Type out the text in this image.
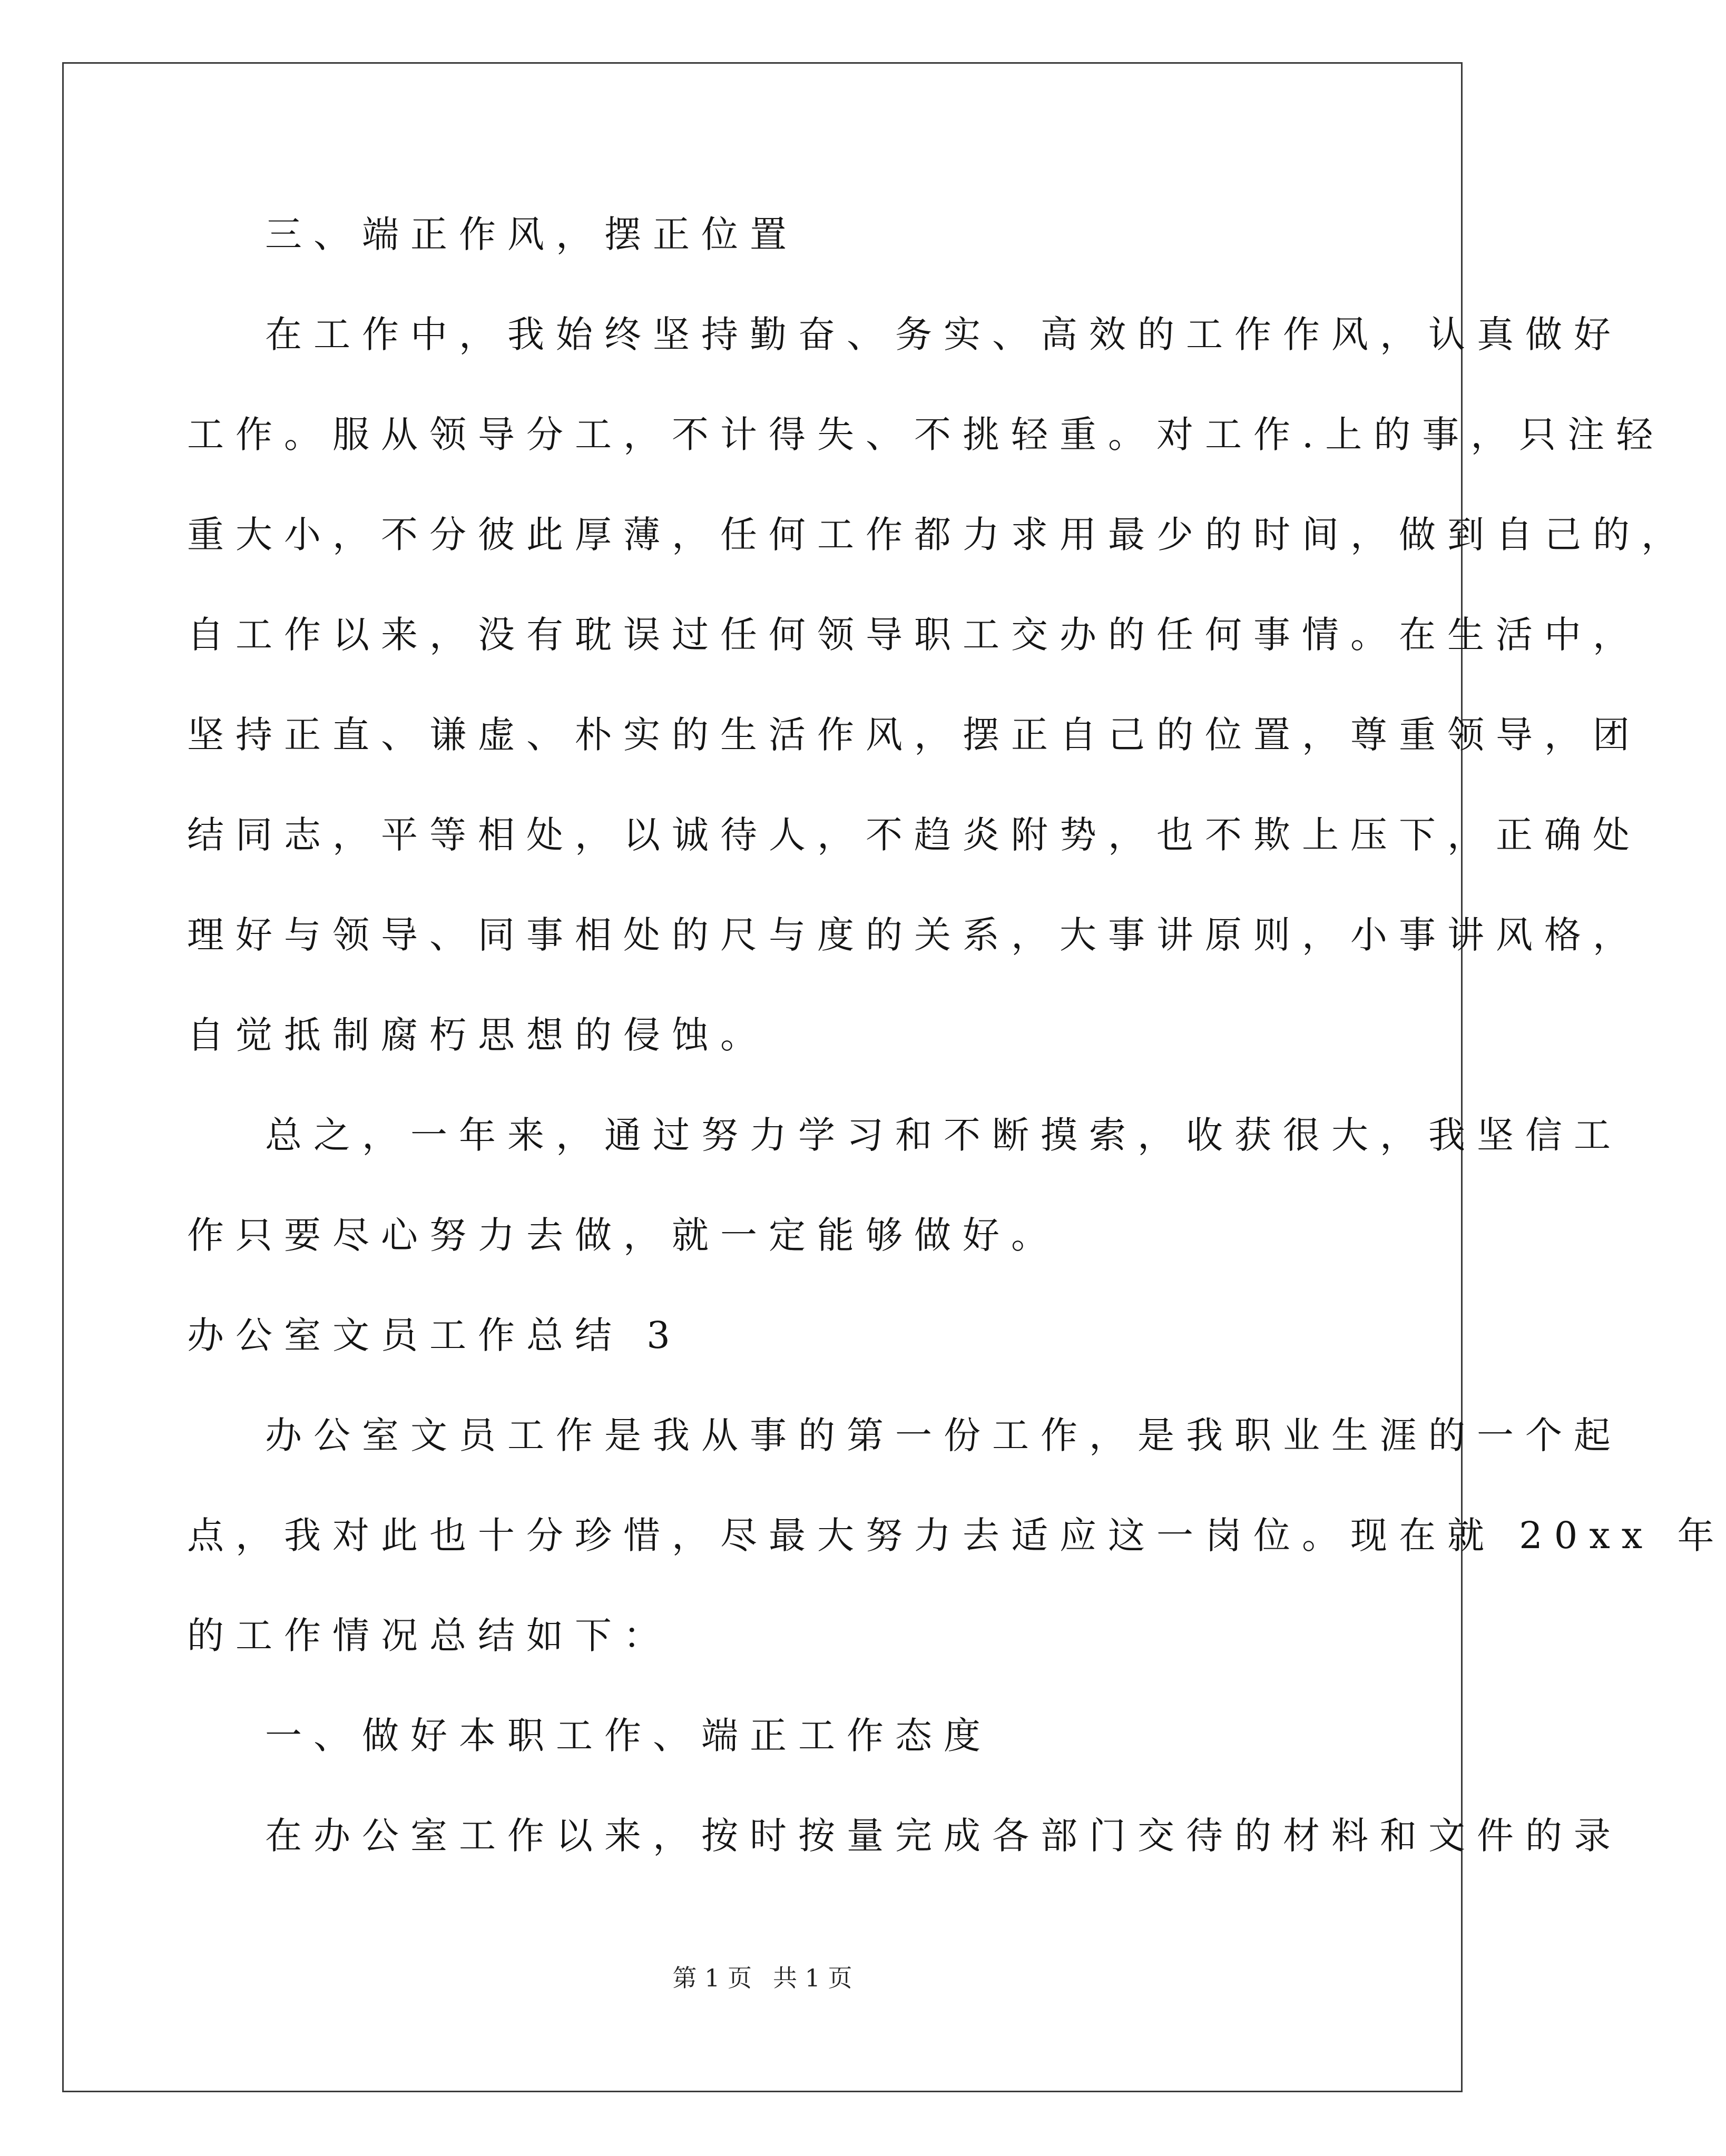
三、端正作风，摆正位置
在工作中，我始终坚持勤奋、务实、高效的工作作风，认真做好
工作。服从领导分工，不计得失、不挑轻重。对工作.上的事，只注轻
重大小，不分彼此厚薄，任何工作都力求用最少的时间，做到自己的，
自工作以来，没有耽误过任何领导职工交办的任何事情。在生活中，
坚持正直、谦虚、朴实的生活作风，摆正自己的位置，尊重领导，团
结同志，平等相处，以诚待人，不趋炎附势，也不欺上压下，正确处
理好与领导、同事相处的尺与度的关系，大事讲原则，小事讲风格，
自觉抵制腐朽思想的侵蚀。
总之，一年来，通过努力学习和不断摸索，收获很大，我坚信工
作只要尽心努力去做，就一定能够做好。
办公室文员工作总结 3
办公室文员工作是我从事的第一份工作，是我职业生涯的一个起
点，我对此也十分珍惜，尽最大努力去适应这一岗位。现在就 20xx 年
的工作情况总结如下：
一、做好本职工作、端正工作态度
在办公室工作以来，按时按量完成各部门交待的材料和文件的录
第 1 页 共 1 页
